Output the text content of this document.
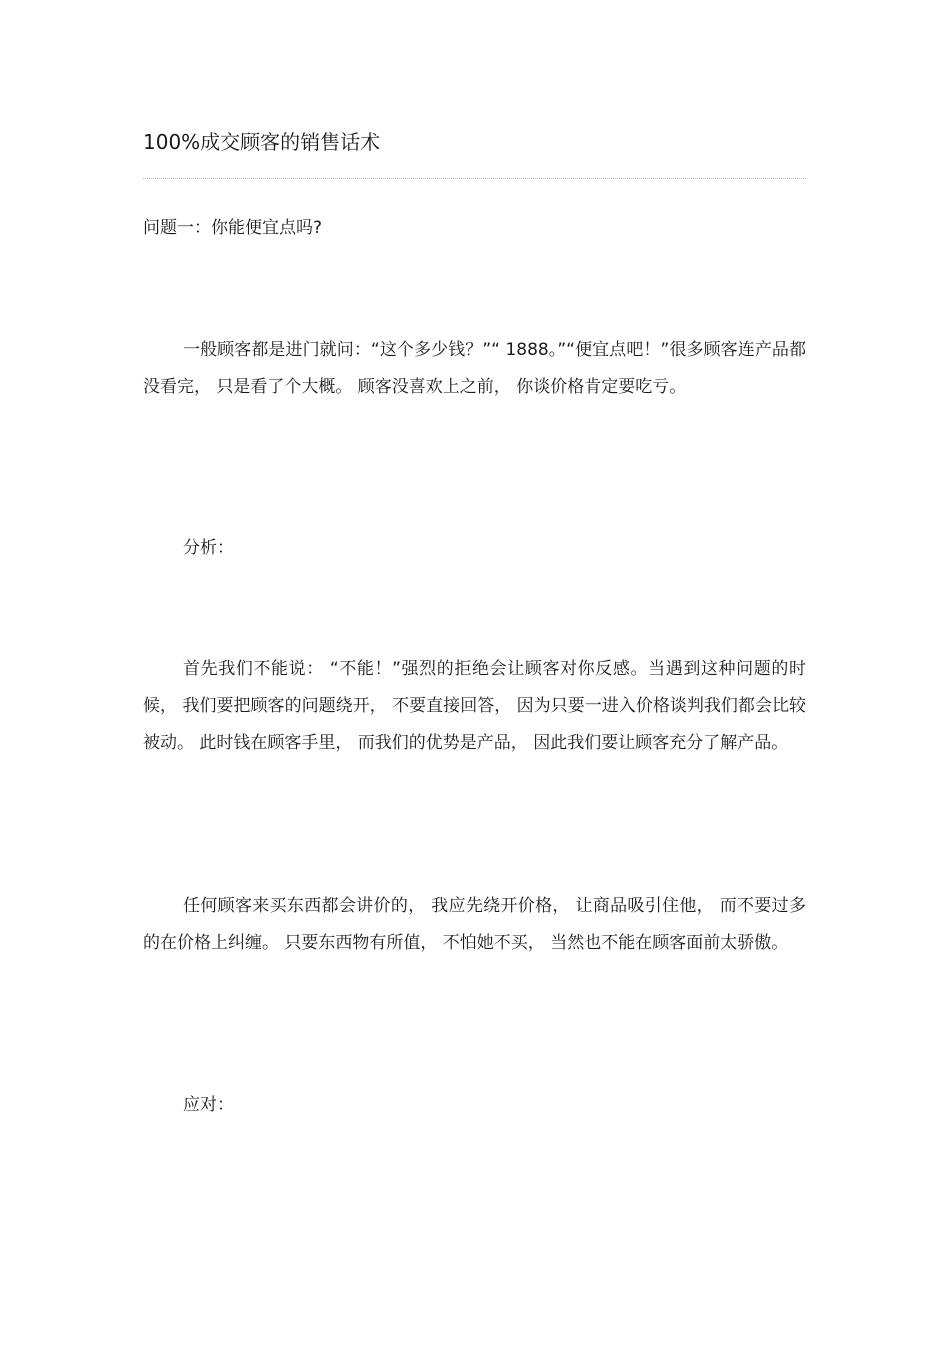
100%成交顾客的销售话术

问题一：你能便宜点吗?

一般顾客都是进门就问：“这个多少钱？”“ 1888。”“便宜点吧！”很多顾客连产品都没看完， 只是看了个大概。 顾客没喜欢上之前， 你谈价格肯定要吃亏。

分析：

首先我们不能说： “不能！”强烈的拒绝会让顾客对你反感。当遇到这种问题的时候， 我们要把顾客的问题绕开， 不要直接回答， 因为只要一进入价格谈判我们都会比较被动。 此时钱在顾客手里， 而我们的优势是产品， 因此我们要让顾客充分了解产品。

任何顾客来买东西都会讲价的， 我应先绕开价格， 让商品吸引住他， 而不要过多的在价格上纠缠。 只要东西物有所值， 不怕她不买， 当然也不能在顾客面前太骄傲。

应对：
